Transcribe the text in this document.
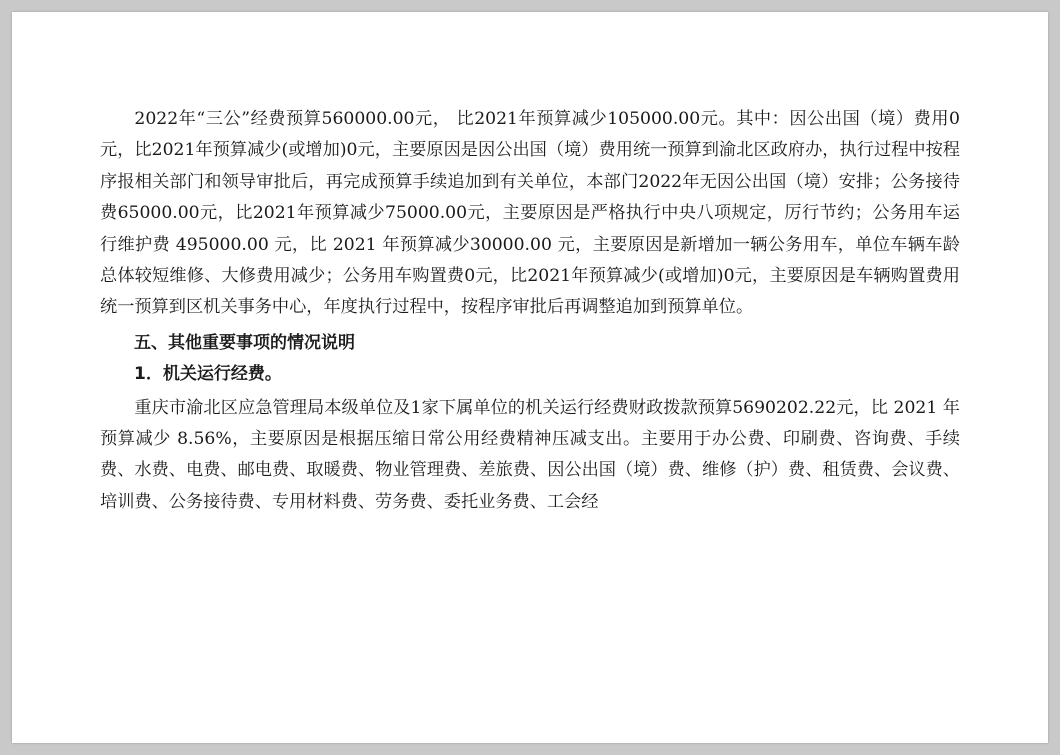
2022年“三公”经费预算560000.00元， 比2021年预算减少105000.00元。其中：因公出国（境）费用0元，比2021年预算减少(或增加)0元，主要原因是因公出国（境）费用统一预算到渝北区政府办，执行过程中按程序报相关部门和领导审批后，再完成预算手续追加到有关单位，本部门2022年无因公出国（境）安排；公务接待费65000.00元，比2021年预算减少75000.00元，主要原因是严格执行中央八项规定，厉行节约；公务用车运行维护费 495000.00 元，比 2021 年预算减少30000.00 元，主要原因是新增加一辆公务用车，单位车辆车龄总体较短维修、大修费用减少；公务用车购置费0元，比2021年预算减少(或增加)0元，主要原因是车辆购置费用统一预算到区机关事务中心，年度执行过程中，按程序审批后再调整追加到预算单位。

五、其他重要事项的情况说明

1．机关运行经费。

重庆市渝北区应急管理局本级单位及1家下属单位的机关运行经费财政拨款预算5690202.22元，比 2021 年预算减少 8.56%，主要原因是根据压缩日常公用经费精神压减支出。主要用于办公费、印刷费、咨询费、手续费、水费、电费、邮电费、取暖费、物业管理费、差旅费、因公出国（境）费、维修（护）费、租赁费、会议费、培训费、公务接待费、专用材料费、劳务费、委托业务费、工会经
